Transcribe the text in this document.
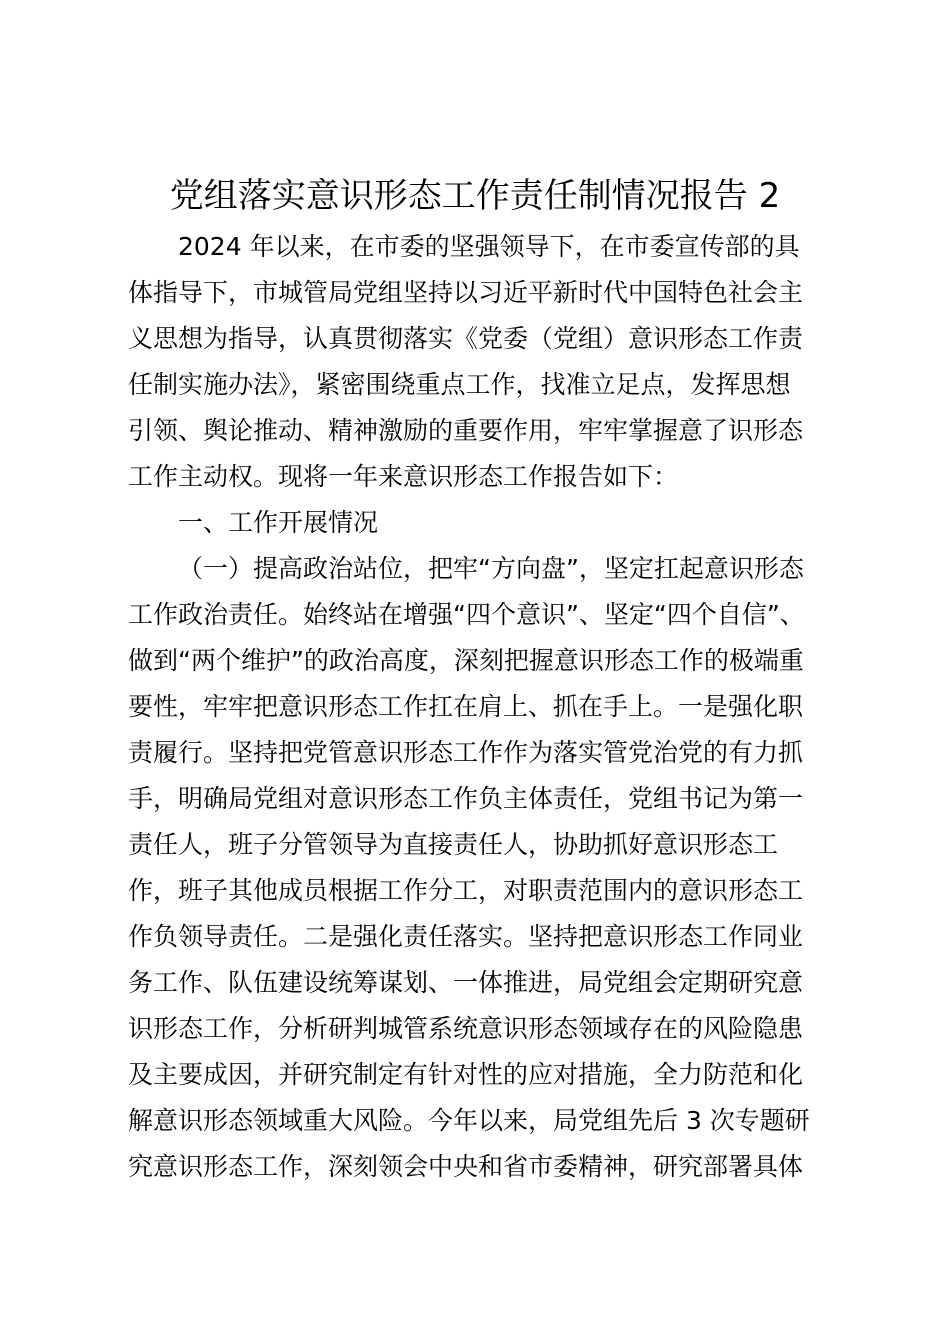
党组落实意识形态工作责任制情况报告 2
2024 年以来，在市委的坚强领导下，在市委宣传部的具
体指导下，市城管局党组坚持以习近平新时代中国特色社会主
义思想为指导，认真贯彻落实《党委（党组）意识形态工作责
任制实施办法》，紧密围绕重点工作，找准立足点，发挥思想
引领、舆论推动、精神激励的重要作用，牢牢掌握意了识形态
工作主动权。现将一年来意识形态工作报告如下：
一、工作开展情况
（一）提高政治站位，把牢“方向盘”，坚定扛起意识形态
工作政治责任。始终站在增强“四个意识”、坚定“四个自信”、
做到“两个维护”的政治高度，深刻把握意识形态工作的极端重
要性，牢牢把意识形态工作扛在肩上、抓在手上。一是强化职
责履行。坚持把党管意识形态工作作为落实管党治党的有力抓
手，明确局党组对意识形态工作负主体责任，党组书记为第一
责任人，班子分管领导为直接责任人，协助抓好意识形态工
作，班子其他成员根据工作分工，对职责范围内的意识形态工
作负领导责任。二是强化责任落实。坚持把意识形态工作同业
务工作、队伍建设统筹谋划、一体推进，局党组会定期研究意
识形态工作，分析研判城管系统意识形态领域存在的风险隐患
及主要成因，并研究制定有针对性的应对措施，全力防范和化
解意识形态领域重大风险。今年以来，局党组先后 3 次专题研
究意识形态工作，深刻领会中央和省市委精神，研究部署具体
